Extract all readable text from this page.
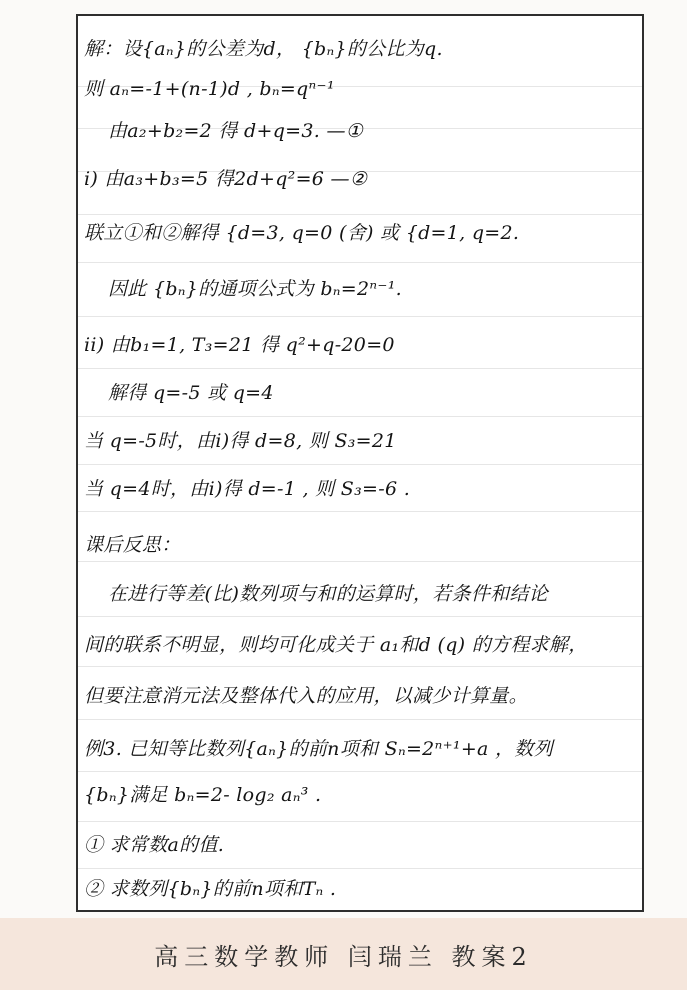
解：设{aₙ}的公差为d， {bₙ}的公比为q.
则 aₙ=-1+(n-1)d , bₙ=qⁿ⁻¹
由a₂+b₂=2 得 d+q=3. —①
i) 由a₃+b₃=5 得2d+q²=6 —②
联立①和②解得 {d=3, q=0 (舍) 或 {d=1, q=2.
因此 {bₙ}的通项公式为 bₙ=2ⁿ⁻¹.
ii) 由b₁=1, T₃=21 得 q²+q-20=0
解得 q=-5 或 q=4
当 q=-5时，由i)得 d=8, 则 S₃=21
当 q=4时，由i)得 d=-1 , 则 S₃=-6 .
课后反思：
在进行等差(比)数列项与和的运算时，若条件和结论
间的联系不明显，则均可化成关于 a₁和d (q) 的方程求解，
但要注意消元法及整体代入的应用，以减少计算量。
例3. 已知等比数列{aₙ}的前n项和 Sₙ=2ⁿ⁺¹+a ，数列
{bₙ}满足 bₙ=2- log₂ aₙ³ .
① 求常数a的值.
② 求数列{bₙ}的前n项和Tₙ .
高三数学教师 闫瑞兰 教案2
